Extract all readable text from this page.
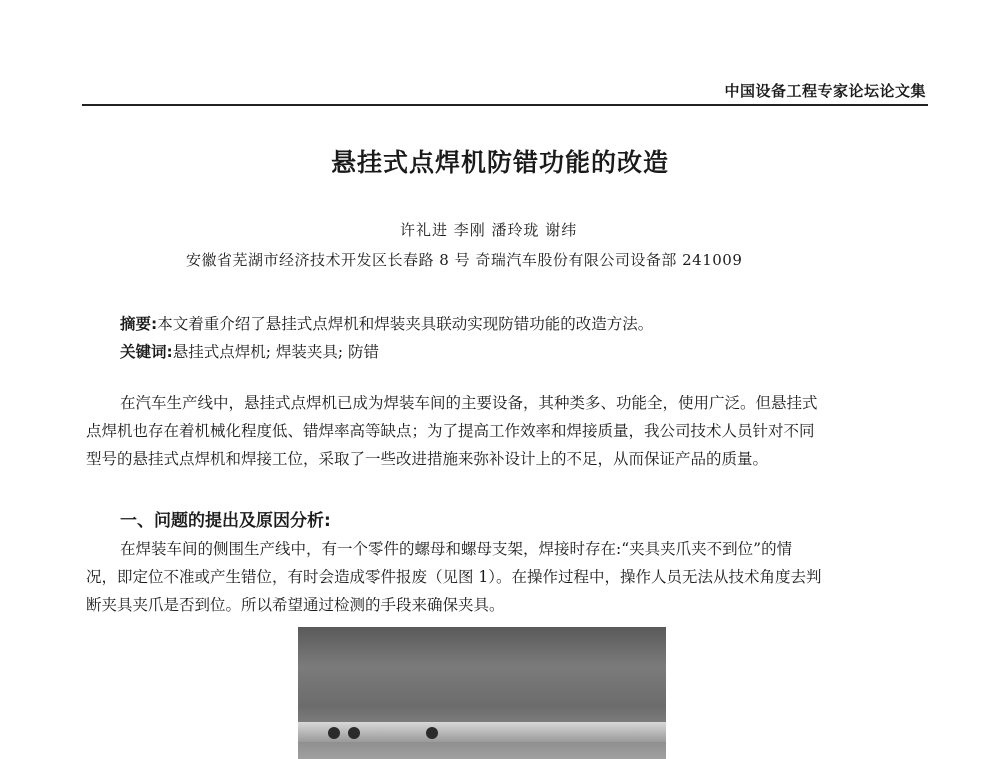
中国设备工程专家论坛论文集
悬挂式点焊机防错功能的改造
许礼进 李刚 潘玲珑 谢纬
安徽省芜湖市经济技术开发区长春路 8 号 奇瑞汽车股份有限公司设备部 241009
摘要:本文着重介绍了悬挂式点焊机和焊装夹具联动实现防错功能的改造方法。
关键词:悬挂式点焊机; 焊装夹具; 防错
在汽车生产线中，悬挂式点焊机已成为焊装车间的主要设备，其种类多、功能全，使用广泛。但悬挂式
点焊机也存在着机械化程度低、错焊率高等缺点；为了提高工作效率和焊接质量，我公司技术人员针对不同
型号的悬挂式点焊机和焊接工位，采取了一些改进措施来弥补设计上的不足，从而保证产品的质量。
一、问题的提出及原因分析:
在焊装车间的侧围生产线中，有一个零件的螺母和螺母支架，焊接时存在:“夹具夹爪夹不到位”的情
况，即定位不准或产生错位，有时会造成零件报废（见图 1）。在操作过程中，操作人员无法从技术角度去判
断夹具夹爪是否到位。所以希望通过检测的手段来确保夹具。
